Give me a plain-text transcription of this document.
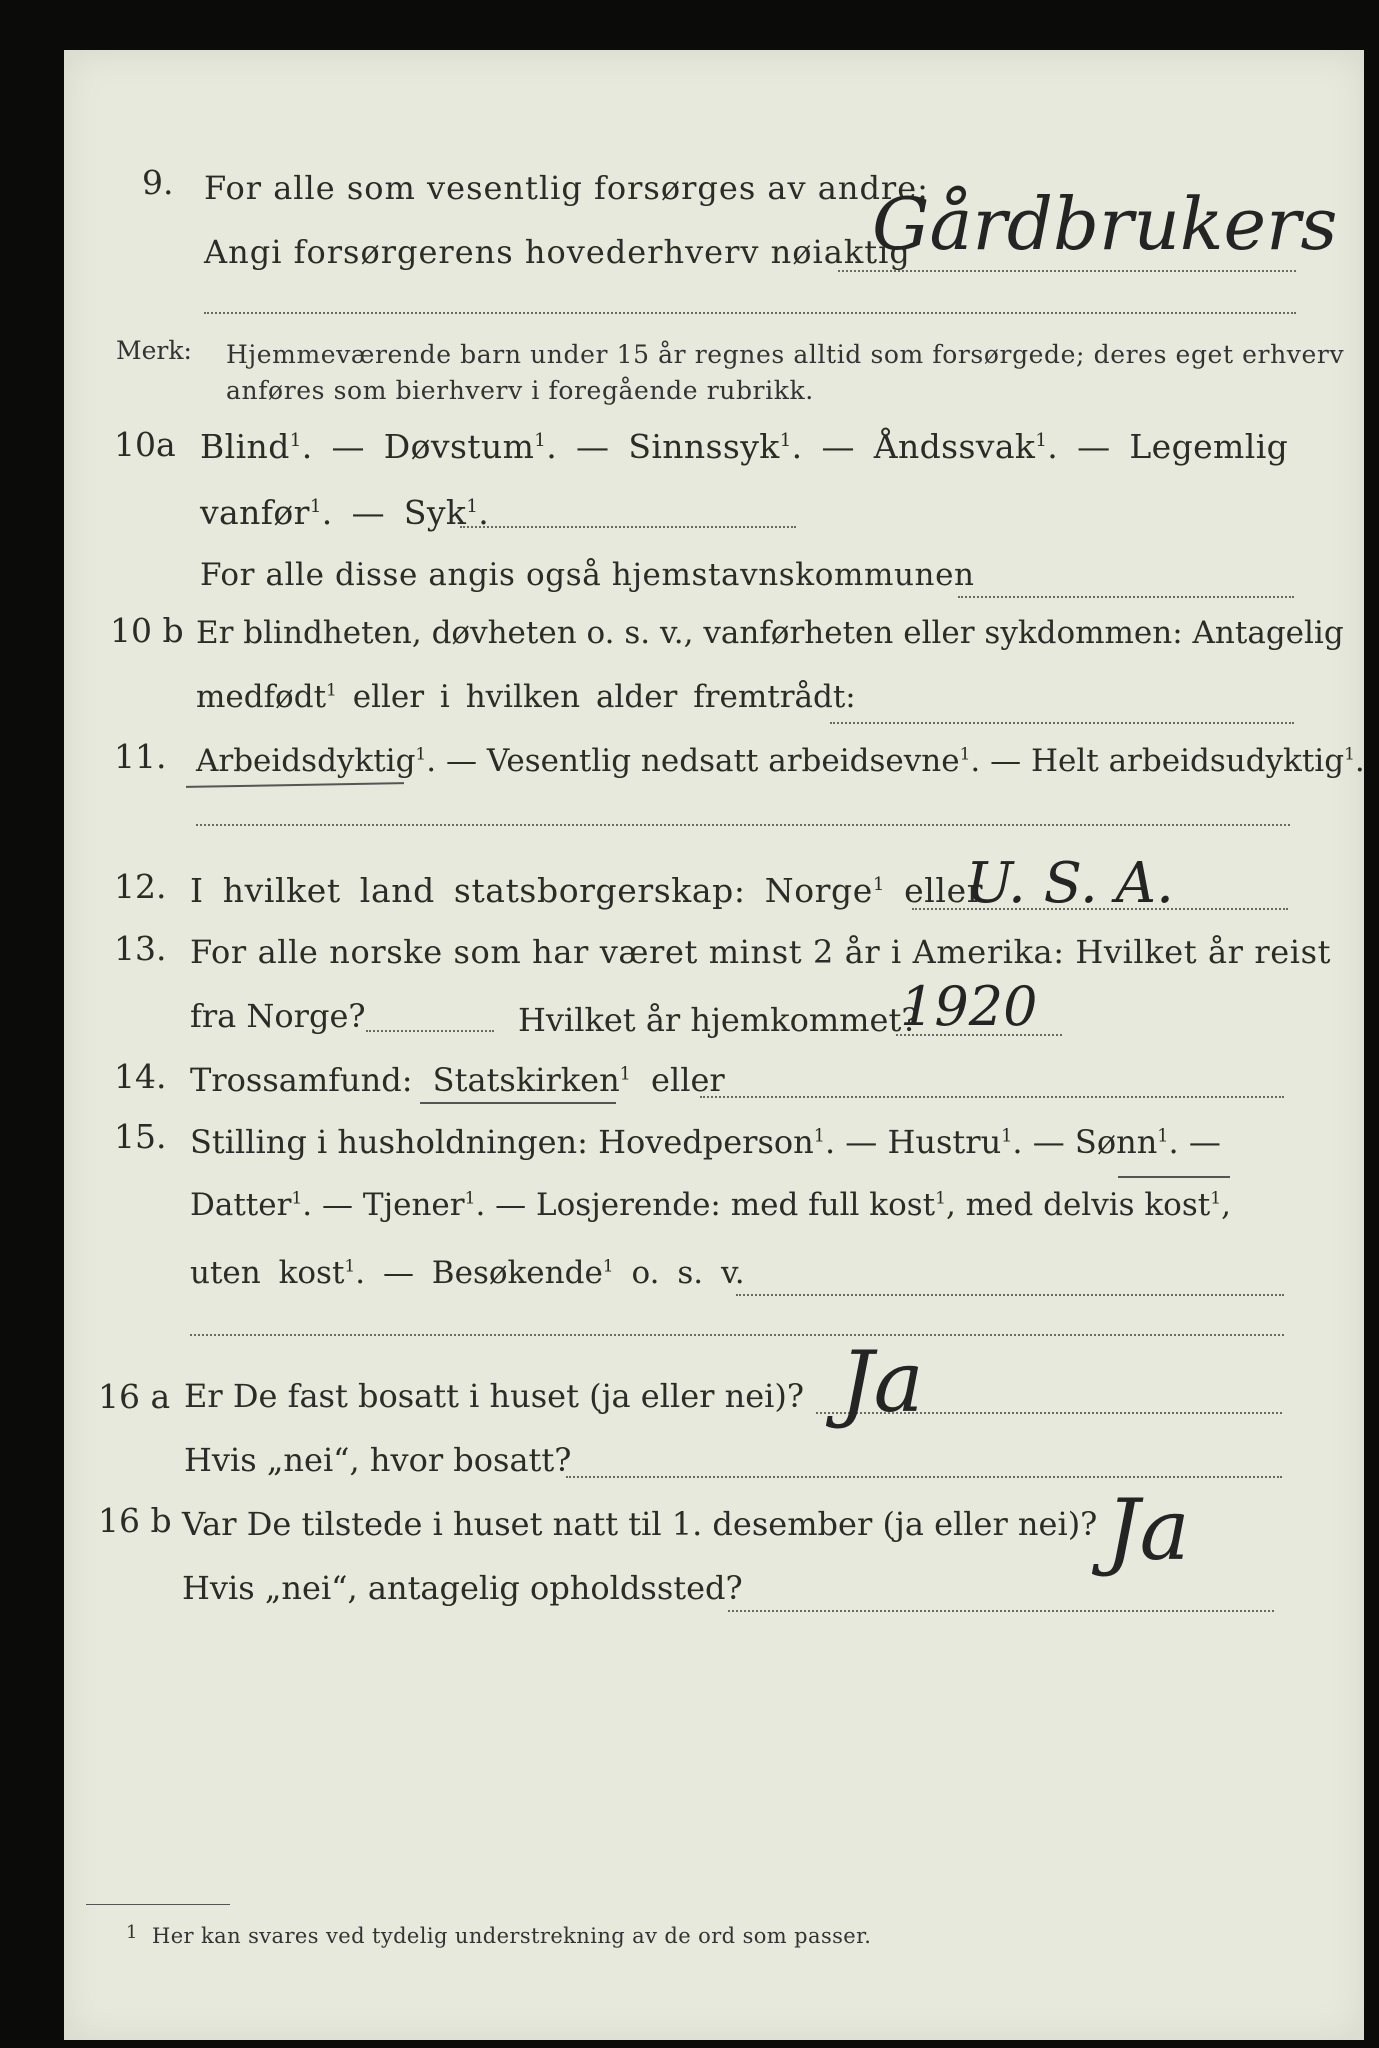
9. For alle som vesentlig forsørges av andre:
Angi forsørgerens hovederhverv nøiaktig
Gårdbrukers
Merk: Hjemmeværende barn under 15 år regnes alltid som forsørgede; deres eget erhverv
anføres som bierhverv i foregående rubrikk.
10a Blind$^1$. — Døvstum$^1$. — Sinnssyk$^1$. — Åndssvak$^1$. — Legemlig
vanfør$^1$. — Syk$^1$.
For alle disse angis også hjemstavnskommunen
10 b Er blindheten, døvheten o. s. v., vanførheten eller sykdommen: Antagelig
medfødt$^1$ eller i hvilken alder fremtrådt:
11. Arbeidsdyktig$^1$. — Vesentlig nedsatt arbeidsevne$^1$. — Helt arbeidsudyktig$^1$.
12. I hvilket land statsborgerskap: Norge$^1$ eller
U. S. A.
13. For alle norske som har været minst 2 år i Amerika: Hvilket år reist
fra Norge?	Hvilket år hjemkommet?
1920
14. Trossamfund: Statskirken$^1$ eller
15. Stilling i husholdningen: Hovedperson$^1$. — Hustru$^1$. — Sønn$^1$. —
Datter$^1$. — Tjener$^1$. — Losjerende: med full kost$^1$, med delvis kost$^1$,
uten kost$^1$. — Besøkende$^1$ o. s. v.
16 a Er De fast bosatt i huset (ja eller nei)? Ja
Hvis „nei“, hvor bosatt?
16 b Var De tilstede i huset natt til 1. desember (ja eller nei)? Ja
Hvis „nei“, antagelig opholdssted?
1 Her kan svares ved tydelig understrekning av de ord som passer.
